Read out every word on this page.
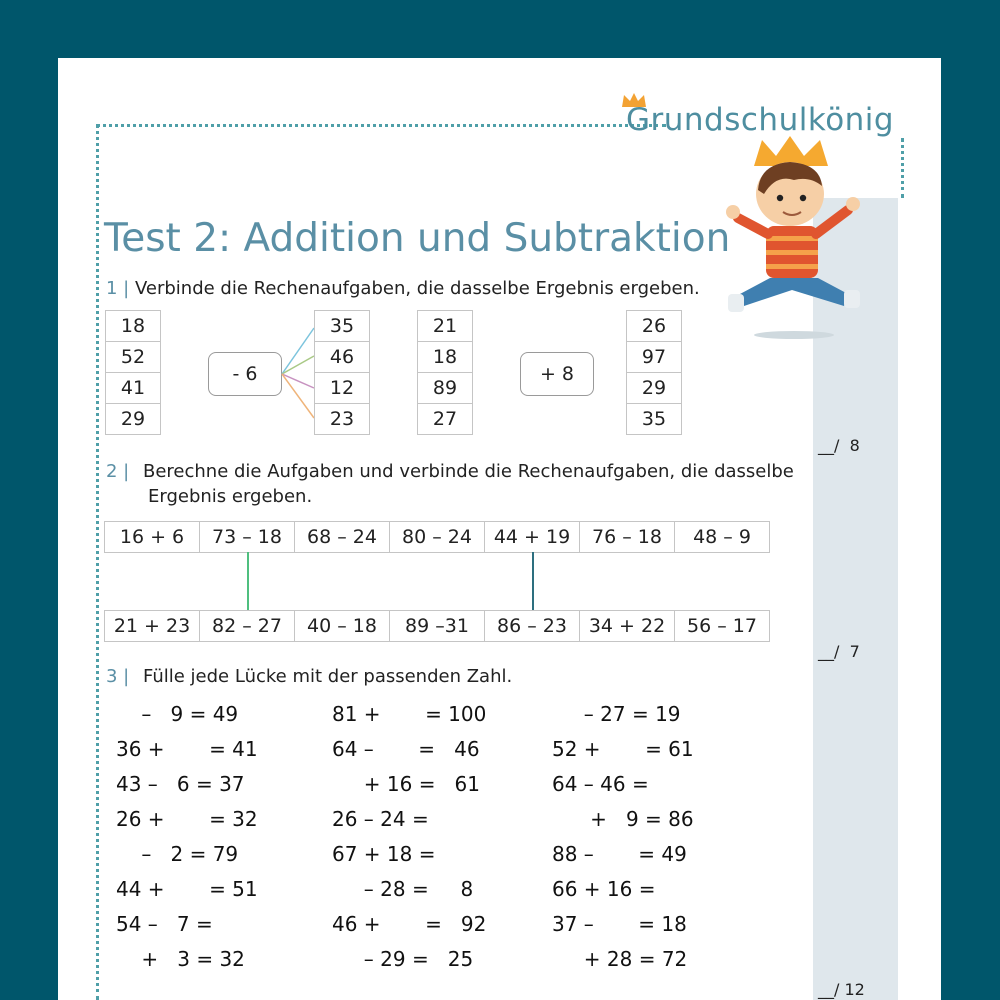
Grundschulkönig
Test 2: Addition und Subtraktion
1 | Verbinde die Rechenaufgaben, die dasselbe Ergebnis ergeben.
18
52
41
29
- 6
35
46
12
23
21
18
89
27
+ 8
26
97
29
35
__/  8
2 | Berechne die Aufgaben und verbinde die Rechenaufgaben, die dasselbe
Ergebnis ergeben.
16 + 6	73 – 18	68 – 24	80 – 24	44 + 19	76 – 18	48 – 9
21 + 23	82 – 27	40 – 18	89 –31	86 – 23	34 + 22	56 – 17
__/  7
3 | Fülle jede Lücke mit der passenden Zahl.
–   9 = 49
36 +       = 41
43 –   6 = 37
26 +       = 32
–   2 = 79
44 +       = 51
54 –   7 =
+   3 = 32
81 +       = 100
64 –       =   46
+ 16 =   61
26 – 24 =
67 + 18 =
– 28 =     8
46 +       =   92
– 29 =   25
– 27 = 19
52 +       = 61
64 – 46 =
+   9 = 86
88 –       = 49
66 + 16 =
37 –       = 18
+ 28 = 72
__/ 12
